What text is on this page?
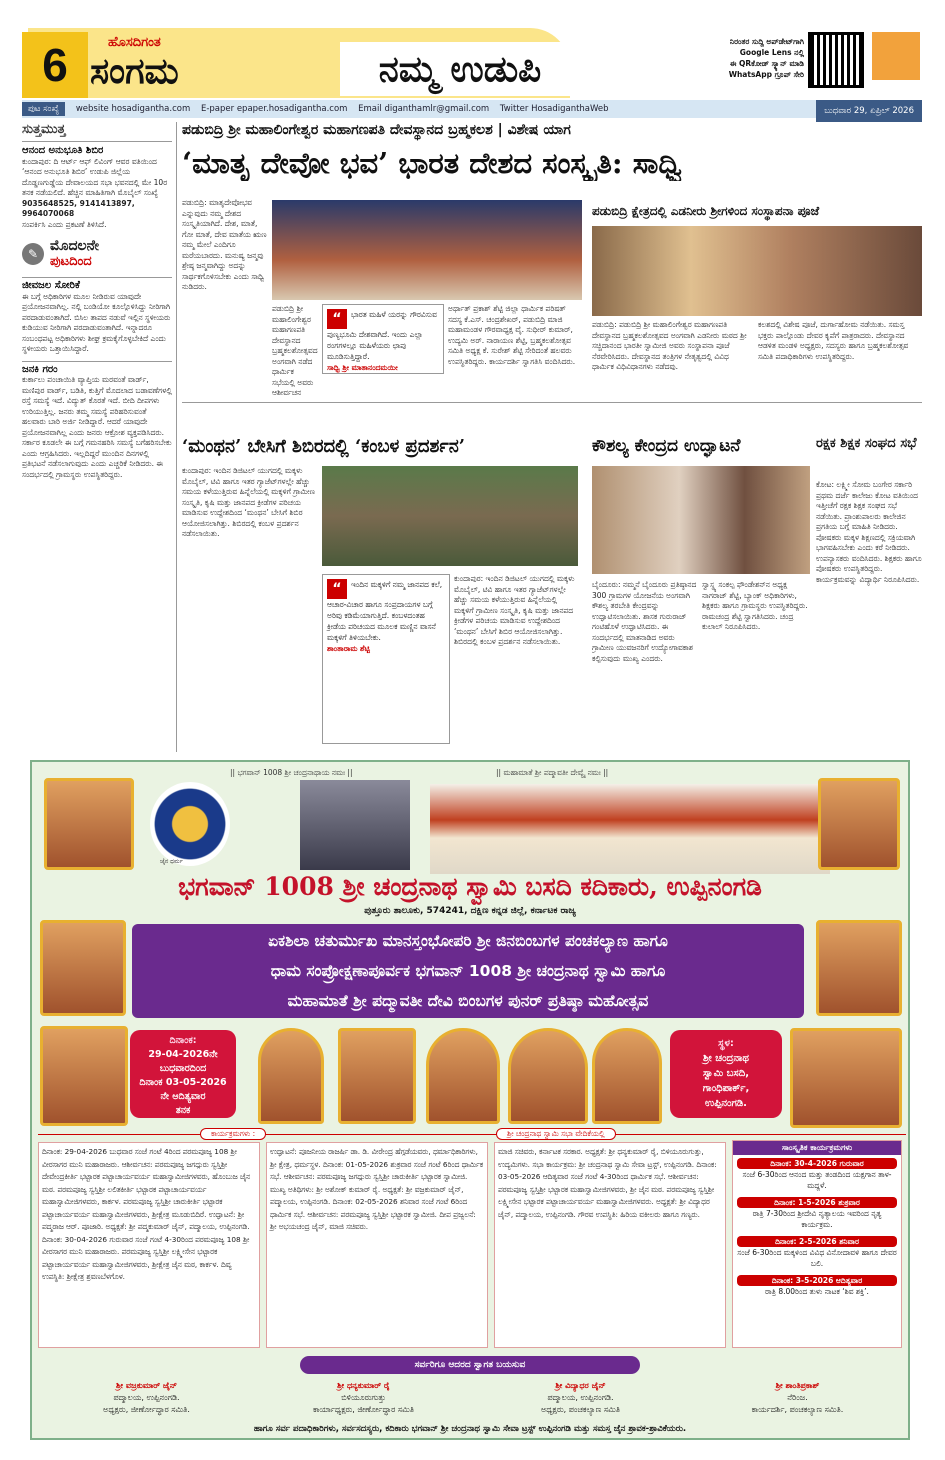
6	ಹೊಸದಿಗಂತ
ಸಂಗಮ	ನಮ್ಮ ಉಡುಪಿ
ನಿರಂತರ ಸುದ್ದಿ ಅಪ್‌ಡೇಟ್‌ಗಾಗಿ
Google Lens ನಲ್ಲಿ
ಈ QRಕೋಡ್ ಸ್ಕ್ಯಾನ್ ಮಾಡಿ
WhatsApp ಗ್ರೂಪ್ ಸೇರಿ
ಪುಟ ಸಂಖ್ಯೆ website hosadigantha.com E-paper epaper.hosadigantha.com Email diganthamlr@gmail.com Twitter HosadiganthaWeb	ಬುಧವಾರ 29, ಏಪ್ರಿಲ್ 2026
ಸುತ್ತಮುತ್ತ
ಆನಂದ ಅನುಭೂತಿ ಶಿಬಿರ
ಕುಂದಾಪುರ: ದಿ ಆರ್ಟ್ ಆಫ್ ಲಿವಿಂಗ್ ಆವರ ವತಿಯಿಂದ ‘ಆನಂದ ಅನುಭೂತಿ ಶಿಬಿರ’ ಉಡುಪಿ ಜಿಲ್ಲೆಯ ದೊಡ್ಡಣಗುಡ್ಡೆಯ ದೇವಾಲಯದ ಸಭಾ ಭವನದಲ್ಲಿ ಮೇ 10ರ ತನಕ ನಡೆಯಲಿದೆ. ಹೆಚ್ಚಿನ ಮಾಹಿತಿಗಾಗಿ ಮೊಬೈಲ್ ಸಂಖ್ಯೆ
9035648525, 9141413897, 9964070068
ಸಂಪರ್ಕಿಸಿ ಎಂದು ಪ್ರಕಟಣೆ ತಿಳಿಸಿದೆ.
✎ ಮೊದಲನೇ
ಪುಟದಿಂದ
ಜೀವಜಲ ಸೋರಿಕೆ
ಈ ಬಗ್ಗೆ ಅಧಿಕಾರಿಗಳ ಮೂಲ ನೀಡಿರುವ ಯಾವುದೇ ಪ್ರಯೋಜನವಾಗಿಲ್ಲ. ನಲ್ಲಿ ಬಂಡಿಯೋ ಕೂಲ್ಗೊಳಿಸಿದ್ದು ನೀರಿಗಾಗಿ ಪರದಾಡುವಂತಾಗಿದೆ. ಬಿಸಿಲ ತಾಪದ ನಡುವೆ ಇಲ್ಲಿನ ಸ್ಥಳೀಯರು ಕುಡಿಯುವ ನೀರಿಗಾಗಿ ಪರದಾಡುವಂತಾಗಿದೆ. ಇನ್ನಾದರೂ ಸಂಬಂಧಪಟ್ಟ ಅಧಿಕಾರಿಗಳು ಶೀಘ್ರ ಕ್ರಮಕೈಗೊಳ್ಳಬೇಕಿದೆ ಎಂದು ಸ್ಥಳೀಯರು ಒತ್ತಾಯಿಸಿದ್ದಾರೆ.
ಜನಕಿ ಗರಂ
ಕುರ್ಕಾಲು ಪಂಚಾಯಿತಿ ವ್ಯಾಪ್ತಿಯ ಮರವಂತೆ ವಾರ್ಡ್, ಮಣಿಪುರ ವಾರ್ಡ್, ಬಡಿತಿ, ಕುತ್ತಿಗೆ ಮೊದಲಾದ ಬಡಾವಣೆಗಳಲ್ಲಿ ರಸ್ತೆ ಸಮಸ್ಯೆ ಇದೆ. ವಿದ್ಯುತ್ ಕೊರತೆ ಇದೆ. ಬೀದಿ ದೀಪಗಳು ಉರಿಯುತ್ತಿಲ್ಲ. ಜನರು ತಮ್ಮ ಸಮಸ್ಯೆ ಪರಿಹರಿಸುವಂತೆ ಹಲವಾರು ಬಾರಿ ಅರ್ಜಿ ನೀಡಿದ್ದಾರೆ. ಆದರೆ ಯಾವುದೇ ಪ್ರಯೋಜನವಾಗಿಲ್ಲ ಎಂದು ಜನರು ಆಕ್ರೋಶ ವ್ಯಕ್ತಪಡಿಸಿದರು. ಸರ್ಕಾರ ಕೂಡಲೇ ಈ ಬಗ್ಗೆ ಗಮನಹರಿಸಿ ಸಮಸ್ಯೆ ಬಗೆಹರಿಸಬೇಕು ಎಂದು ಆಗ್ರಹಿಸಿದರು. ಇಲ್ಲದಿದ್ದರೆ ಮುಂದಿನ ದಿನಗಳಲ್ಲಿ ಪ್ರತಿಭಟನೆ ನಡೆಸಲಾಗುವುದು ಎಂದು ಎಚ್ಚರಿಕೆ ನೀಡಿದರು. ಈ ಸಂದರ್ಭದಲ್ಲಿ ಗ್ರಾಮಸ್ಥರು ಉಪಸ್ಥಿತರಿದ್ದರು.
ಪಡುಬಿದ್ರಿ ಶ್ರೀ ಮಹಾಲಿಂಗೇಶ್ವರ ಮಹಾಗಣಪತಿ ದೇವಸ್ಥಾನದ ಬ್ರಹ್ಮಕಲಶ | ವಿಶೇಷ ಯಾಗ
‘ಮಾತೃ ದೇವೋ ಭವ’ ಭಾರತ ದೇಶದ ಸಂಸ್ಕೃತಿ: ಸಾಧ್ವಿ
ಪಡುಬಿದ್ರಿ: ಮಾತೃದೇವೋಭವ ಎನ್ನುವುದು ನಮ್ಮ ದೇಶದ ಸಂಸ್ಕೃತಿಯಾಗಿದೆ. ದೇಶ, ಮಾತೆ, ಗೋ ಮಾತೆ, ದೇವ ಮಾತೆಯ ಋಣ ನಮ್ಮ ಮೇಲೆ ಎಂದಿಗೂ ಮರೆಯಬಾರದು. ಮನುಷ್ಯ ಜನ್ಮವು ಶ್ರೇಷ್ಠ ಜನ್ಮವಾಗಿದ್ದು ಅದನ್ನು ಸಾರ್ಥಕಗೊಳಿಸಬೇಕು ಎಂದು ಸಾಧ್ವಿ ನುಡಿದರು.
ಪಡುಬಿದ್ರಿ ಶ್ರೀ ಮಹಾಲಿಂಗೇಶ್ವರ ಮಹಾಗಣಪತಿ ದೇವಸ್ಥಾನದ ಬ್ರಹ್ಮಕಲಶೋತ್ಸವದ ಅಂಗವಾಗಿ ನಡೆದ ಧಾರ್ಮಿಕ ಸಭೆಯಲ್ಲಿ ಅವರು ಆಶೀರ್ವಚನ
“ ಭಾರತ ಮಹಿಳೆ ಯರನ್ನು ಗೌರವಿಸುವ ಪುಣ್ಯಭೂಮಿ ದೇಶವಾಗಿದೆ. ಇಂದು ಎಲ್ಲಾ ರಂಗಗಳಲ್ಲೂ ಮಹಿಳೆಯರು ಛಾಪು ಮೂಡಿಸುತ್ತಿದ್ದಾರೆ.
ಸಾಧ್ವಿ ಶ್ರೀ ಮಾತಾನಂದಮಯೀ
ಅರ್ಥಾತ್ ಪ್ರಕಾಶ್ ಶೆಟ್ಟಿ ಜಿಲ್ಲಾ ಧಾರ್ಮಿಕ ಪರಿಷತ್ ಸದಸ್ಯ ಕೆ.ಎಸ್. ಚಂದ್ರಶೇಖರ್, ಪಡುಬಿದ್ರಿ ಮಾಜಿ ಮಹಾಮಂಡಳ ಗೌರವಾಧ್ಯಕ್ಷ ವೈ. ಸುಧೀರ್ ಕುಮಾರ್, ಉದ್ಯಮಿ ಅರ್. ನಾರಾಯಣ ಶೆಟ್ಟಿ, ಬ್ರಹ್ಮಕಲಶೋತ್ಸವ ಸಮಿತಿ ಅಧ್ಯಕ್ಷ ಕೆ. ಸುರೇಶ್ ಶೆಟ್ಟಿ ಸೇರಿದಂತೆ ಹಲವರು ಉಪಸ್ಥಿತರಿದ್ದರು. ಕಾರ್ಯದರ್ಶಿ ಸ್ವಾಗತಿಸಿ ವಂದಿಸಿದರು.
ಪಡುಬಿದ್ರಿ ಕ್ಷೇತ್ರದಲ್ಲಿ ಎಡನೀರು ಶ್ರೀಗಳಿಂದ ಸಂಸ್ಥಾಪನಾ ಪೂಜೆ
ಪಡುಬಿದ್ರಿ: ಪಡುಬಿದ್ರಿ ಶ್ರೀ ಮಹಾಲಿಂಗೇಶ್ವರ ಮಹಾಗಣಪತಿ ದೇವಸ್ಥಾನದ ಬ್ರಹ್ಮಕಲಶೋತ್ಸವದ ಅಂಗವಾಗಿ ಎಡನೀರು ಮಠದ ಶ್ರೀ ಸಚ್ಚಿದಾನಂದ ಭಾರತೀ ಸ್ವಾಮೀಜಿ ಅವರು ಸಂಸ್ಥಾಪನಾ ಪೂಜೆ ನೆರವೇರಿಸಿದರು. ದೇವಸ್ಥಾನದ ತಂತ್ರಿಗಳ ನೇತೃತ್ವದಲ್ಲಿ ವಿವಿಧ ಧಾರ್ಮಿಕ ವಿಧಿವಿಧಾನಗಳು ನಡೆದವು.
ಕಲಶದಲ್ಲಿ ವಿಶೇಷ ಪೂಜೆ, ದುರ್ಗಾಹೋಮ ನಡೆಯಿತು. ಸಮಸ್ತ ಭಕ್ತರು ಪಾಲ್ಗೊಂಡು ದೇವರ ಕೃಪೆಗೆ ಪಾತ್ರರಾದರು. ದೇವಸ್ಥಾನದ ಆಡಳಿತ ಮಂಡಳಿ ಅಧ್ಯಕ್ಷರು, ಸದಸ್ಯರು ಹಾಗೂ ಬ್ರಹ್ಮಕಲಶೋತ್ಸವ ಸಮಿತಿ ಪದಾಧಿಕಾರಿಗಳು ಉಪಸ್ಥಿತರಿದ್ದರು.
‘ಮಂಥನ’ ಬೇಸಿಗೆ ಶಿಬಿರದಲ್ಲಿ ‘ಕಂಬಳ ಪ್ರದರ್ಶನ’
ಕುಂದಾಪುರ: ಇಂದಿನ ಡಿಜಿಟಲ್ ಯುಗದಲ್ಲಿ ಮಕ್ಕಳು ಮೊಬೈಲ್, ಟಿವಿ ಹಾಗೂ ಇತರ ಗ್ಯಾಜೆಟ್‌ಗಳಲ್ಲೇ ಹೆಚ್ಚು ಸಮಯ ಕಳೆಯುತ್ತಿರುವ ಹಿನ್ನೆಲೆಯಲ್ಲಿ ಮಕ್ಕಳಿಗೆ ಗ್ರಾಮೀಣ ಸಂಸ್ಕೃತಿ, ಕೃಷಿ ಮತ್ತು ಜಾನಪದ ಕ್ರೀಡೆಗಳ ಪರಿಚಯ ಮಾಡಿಸುವ ಉದ್ದೇಶದಿಂದ ‘ಮಂಥನ’ ಬೇಸಿಗೆ ಶಿಬಿರ ಆಯೋಜಿಸಲಾಗಿತ್ತು. ಶಿಬಿರದಲ್ಲಿ ಕಂಬಳ ಪ್ರದರ್ಶನ ನಡೆಸಲಾಯಿತು.
“ ಇಂದಿನ ಮಕ್ಕಳಿಗೆ ನಮ್ಮ ಜಾನಪದ ಕಲೆ, ಆಚಾರ-ವಿಚಾರ ಹಾಗೂ ಸಂಪ್ರದಾಯಗಳ ಬಗ್ಗೆ ಅರಿವು ಕಡಿಮೆಯಾಗುತ್ತಿದೆ. ಕಂಬಳದಂತಹ ಕ್ರೀಡೆಯ ಪರಿಚಯದ ಮೂಲಕ ಮಣ್ಣಿನ ವಾಸನೆ ಮಕ್ಕಳಿಗೆ ತಿಳಿಯಬೇಕು.
ಶಾಂತಾರಾಮ ಶೆಟ್ಟಿ
ಕುಂದಾಪುರ: ಇಂದಿನ ಡಿಜಿಟಲ್ ಯುಗದಲ್ಲಿ ಮಕ್ಕಳು ಮೊಬೈಲ್, ಟಿವಿ ಹಾಗೂ ಇತರ ಗ್ಯಾಜೆಟ್‌ಗಳಲ್ಲೇ ಹೆಚ್ಚು ಸಮಯ ಕಳೆಯುತ್ತಿರುವ ಹಿನ್ನೆಲೆಯಲ್ಲಿ ಮಕ್ಕಳಿಗೆ ಗ್ರಾಮೀಣ ಸಂಸ್ಕೃತಿ, ಕೃಷಿ ಮತ್ತು ಜಾನಪದ ಕ್ರೀಡೆಗಳ ಪರಿಚಯ ಮಾಡಿಸುವ ಉದ್ದೇಶದಿಂದ ‘ಮಂಥನ’ ಬೇಸಿಗೆ ಶಿಬಿರ ಆಯೋಜಿಸಲಾಗಿತ್ತು. ಶಿಬಿರದಲ್ಲಿ ಕಂಬಳ ಪ್ರದರ್ಶನ ನಡೆಸಲಾಯಿತು.
ಕೌಶಲ್ಯ ಕೇಂದ್ರದ ಉದ್ಘಾಟನೆ
ಬೈಂದೂರು: ನಮ್ಮನೆ ಬೈಂದೂರು ಪ್ರತಿಷ್ಠಾನದ 300 ಗ್ರಾಮಗಳ ಯೋಜನೆಯ ಅಂಗವಾಗಿ ಕೌಶಲ್ಯ ತರಬೇತಿ ಕೇಂದ್ರವನ್ನು ಉದ್ಘಾಟಿಸಲಾಯಿತು. ಶಾಸಕ ಗುರುರಾಜ್ ಗಂಟಿಹೊಳೆ ಉದ್ಘಾಟಿಸಿದರು. ಈ ಸಂದರ್ಭದಲ್ಲಿ ಮಾತನಾಡಿದ ಅವರು ಗ್ರಾಮೀಣ ಯುವಜನರಿಗೆ ಉದ್ಯೋಗಾವಕಾಶ ಕಲ್ಪಿಸುವುದು ಮುಖ್ಯ ಎಂದರು.
ಸ್ವಾಸ್ಥ್ಯ ಸಂಕಲ್ಪ ಫೌಂಡೇಶನ್‌ನ ಅಧ್ಯಕ್ಷ ನಾಗರಾಜ್ ಶೆಟ್ಟಿ, ಬ್ಯಾಂಕ್ ಅಧಿಕಾರಿಗಳು, ಶಿಕ್ಷಕರು ಹಾಗೂ ಗ್ರಾಮಸ್ಥರು ಉಪಸ್ಥಿತರಿದ್ದರು. ರಾಮಚಂದ್ರ ಶೆಟ್ಟಿ ಸ್ವಾಗತಿಸಿದರು. ಚಂದ್ರ ಕುಲಾಲ್ ನಿರೂಪಿಸಿದರು.
ರಕ್ಷಕ ಶಿಕ್ಷಕ ಸಂಘದ ಸಭೆ
ಕೋಟ: ಲಕ್ಷ್ಮೀ ಸೋಮ ಬಂಗೇರ ಸರ್ಕಾರಿ ಪ್ರಥಮ ದರ್ಜೆ ಕಾಲೇಜು ಕೋಟ ವತಿಯಿಂದ ಇತ್ತೀಚೆಗೆ ರಕ್ಷಕ ಶಿಕ್ಷಕ ಸಂಘದ ಸಭೆ ನಡೆಯಿತು. ಪ್ರಾಂಶುಪಾಲರು ಕಾಲೇಜಿನ ಪ್ರಗತಿಯ ಬಗ್ಗೆ ಮಾಹಿತಿ ನೀಡಿದರು. ಪೋಷಕರು ಮಕ್ಕಳ ಶಿಕ್ಷಣದಲ್ಲಿ ಸಕ್ರಿಯವಾಗಿ ಭಾಗವಹಿಸಬೇಕು ಎಂದು ಕರೆ ನೀಡಿದರು. ಉಪನ್ಯಾಸಕರು ವಂದಿಸಿದರು. ಶಿಕ್ಷಕರು ಹಾಗೂ ಪೋಷಕರು ಉಪಸ್ಥಿತರಿದ್ದರು. ಕಾರ್ಯಕ್ರಮವನ್ನು ವಿದ್ಯಾರ್ಥಿ ನಿರೂಪಿಸಿದರು.
|| ಭಗವಾನ್ 1008 ಶ್ರೀ ಚಂದ್ರನಾಥಾಯ ನಮಃ ||	|| ಮಹಾಮಾತೆ ಶ್ರೀ ಪದ್ಮಾವತೀ ದೇವ್ಯೈ ನಮಃ ||
ಜೈನ ಧರ್ಮ
ಭಗವಾನ್ 1008 ಶ್ರೀ ಚಂದ್ರನಾಥ ಸ್ವಾಮಿ ಬಸದಿ ಕದಿಕಾರು, ಉಪ್ಪಿನಂಗಡಿ
ಪುತ್ತೂರು ತಾಲೂಕು, 574241, ದಕ್ಷಿಣ ಕನ್ನಡ ಜಿಲ್ಲೆ, ಕರ್ನಾಟಕ ರಾಜ್ಯ
ಏಕಶಿಲಾ ಚತುರ್ಮುಖ ಮಾನಸ್ತಂಭೋಪರಿ ಶ್ರೀ ಜಿನಬಿಂಬಗಳ ಪಂಚಕಲ್ಯಾಣ ಹಾಗೂ
ಧಾಮ ಸಂಪ್ರೋಕ್ಷಣಾಪೂರ್ವಕ ಭಗವಾನ್ 1008 ಶ್ರೀ ಚಂದ್ರನಾಥ ಸ್ವಾಮಿ ಹಾಗೂ
ಮಹಾಮಾತೆ ಶ್ರೀ ಪದ್ಮಾವತೀ ದೇವಿ ಬಿಂಬಗಳ ಪುನರ್ ಪ್ರತಿಷ್ಠಾ ಮಹೋತ್ಸವ
ದಿನಾಂಕ:
29-04-2026ನೇ
ಬುಧವಾರದಿಂದ
ದಿನಾಂಕ 03-05-2026
ನೇ ಆದಿತ್ಯವಾರ
ತನಕ
ಸ್ಥಳ:
ಶ್ರೀ ಚಂದ್ರನಾಥ
ಸ್ವಾಮಿ ಬಸದಿ,
ಗಾಂಧಿಪಾರ್ಕ್,
ಉಪ್ಪಿನಂಗಡಿ.
ಕಾರ್ಯಕ್ರಮಗಳು :	ಶ್ರೀ ಚಂದ್ರನಾಥ ಸ್ವಾಮಿ ಸಭಾ ವೇದಿಕೆಯಲ್ಲಿ
ದಿನಾಂಕ: 29-04-2026 ಬುಧವಾರ ಸಂಜೆ ಗಂಟೆ 4ರಿಂದ ಪರಮಪೂಜ್ಯ 108 ಶ್ರೀ ವೀರಸಾಗರ ಮುನಿ ಮಹಾರಾಜರು. ಆಶೀರ್ವಚನ: ಪರಮಪೂಜ್ಯ ಜಗದ್ಗುರು ಸ್ವಸ್ತಿಶ್ರೀ ದೇವೇಂದ್ರಕೀರ್ತಿ ಭಟ್ಟಾರಕ ಪಟ್ಟಾಚಾರ್ಯವರ್ಯ ಮಹಾಸ್ವಾಮೀಜಿಗಳವರು, ಹೊಂಬುಜ ಜೈನ ಮಠ. ಪರಮಪೂಜ್ಯ ಸ್ವಸ್ತಿಶ್ರೀ ಲಲಿತಕೀರ್ತಿ ಭಟ್ಟಾರಕ ಪಟ್ಟಾಚಾರ್ಯವರ್ಯ ಮಹಾಸ್ವಾಮೀಜಿಗಳವರು, ಕಾರ್ಕಳ. ಪರಮಪೂಜ್ಯ ಸ್ವಸ್ತಿಶ್ರೀ ಚಾರುಕೀರ್ತಿ ಭಟ್ಟಾರಕ ಪಟ್ಟಾಚಾರ್ಯವರ್ಯ ಮಹಾಸ್ವಾಮೀಜಿಗಳವರು, ಶ್ರೀಕ್ಷೇತ್ರ ಮೂಡುಬಿದಿರೆ. ಉದ್ಘಾಟನೆ: ಶ್ರೀ ಪದ್ಮರಾಜ ಆರ್. ಪೂಜಾರಿ. ಅಧ್ಯಕ್ಷತೆ: ಶ್ರೀ ಪದ್ಮಕುಮಾರ್ ಜೈನ್, ಪದ್ಮಾಲಯ, ಉಪ್ಪಿನಂಗಡಿ. ದಿನಾಂಕ: 30-04-2026 ಗುರುವಾರ ಸಂಜೆ ಗಂಟೆ 4-30ರಿಂದ ಪರಮಪೂಜ್ಯ 108 ಶ್ರೀ ವೀರಸಾಗರ ಮುನಿ ಮಹಾರಾಜರು. ಪರಮಪೂಜ್ಯ ಸ್ವಸ್ತಿಶ್ರೀ ಲಕ್ಷ್ಮೀಸೇನ ಭಟ್ಟಾರಕ ಪಟ್ಟಾಚಾರ್ಯವರ್ಯ ಮಹಾಸ್ವಾಮೀಜಿಗಳವರು, ಶ್ರೀಕ್ಷೇತ್ರ ಜೈನ ಮಠ, ಕಾರ್ಕಳ. ದಿವ್ಯ ಉಪಸ್ಥಿತಿ: ಶ್ರೀಕ್ಷೇತ್ರ ಶ್ರವಣಬೆಳಗೊಳ.
ಉದ್ಘಾಟನೆ: ಪೂಜನೀಯ ರಾಜರ್ಷಿ ಡಾ. ಡಿ. ವೀರೇಂದ್ರ ಹೆಗ್ಗಡೆಯವರು, ಧರ್ಮಾಧಿಕಾರಿಗಳು, ಶ್ರೀ ಕ್ಷೇತ್ರ, ಧರ್ಮಸ್ಥಳ. ದಿನಾಂಕ: 01-05-2026 ಶುಕ್ರವಾರ ಸಂಜೆ ಗಂಟೆ 6ರಿಂದ ಧಾರ್ಮಿಕ ಸಭೆ. ಆಶೀರ್ವಚನ: ಪರಮಪೂಜ್ಯ ಜಗದ್ಗುರು ಸ್ವಸ್ತಿಶ್ರೀ ಚಾರುಕೀರ್ತಿ ಭಟ್ಟಾರಕ ಸ್ವಾಮೀಜಿ. ಮುಖ್ಯ ಅತಿಥಿಗಳು: ಶ್ರೀ ಅಶೋಕ್ ಕುಮಾರ್ ರೈ. ಅಧ್ಯಕ್ಷತೆ: ಶ್ರೀ ವಜ್ರಕುಮಾರ್ ಜೈನ್, ಪದ್ಮಾಲಯ, ಉಪ್ಪಿನಂಗಡಿ. ದಿನಾಂಕ: 02-05-2026 ಶನಿವಾರ ಸಂಜೆ ಗಂಟೆ 6ರಿಂದ ಧಾರ್ಮಿಕ ಸಭೆ. ಆಶೀರ್ವಚನ: ಪರಮಪೂಜ್ಯ ಸ್ವಸ್ತಿಶ್ರೀ ಭಟ್ಟಾರಕ ಸ್ವಾಮೀಜಿ. ದೀಪ ಪ್ರಜ್ವಲನೆ: ಶ್ರೀ ಅಭಯಚಂದ್ರ ಜೈನ್, ಮಾಜಿ ಸಚಿವರು.
ಮಾಜಿ ಸಚಿವರು, ಕರ್ನಾಟಕ ಸರಕಾರ. ಅಧ್ಯಕ್ಷತೆ: ಶ್ರೀ ಧನ್ಯಕುಮಾರ್ ರೈ, ಬಿಳಿಯೂರುಗುತ್ತು, ಉದ್ಯಮಿಗಳು. ಸಭಾ ಕಾರ್ಯಕ್ರಮ: ಶ್ರೀ ಚಂದ್ರನಾಥ ಸ್ವಾಮಿ ಸೇವಾ ಟ್ರಸ್ಟ್, ಉಪ್ಪಿನಂಗಡಿ. ದಿನಾಂಕ: 03-05-2026 ಆದಿತ್ಯವಾರ ಸಂಜೆ ಗಂಟೆ 4-30ರಿಂದ ಧಾರ್ಮಿಕ ಸಭೆ. ಆಶೀರ್ವಚನ: ಪರಮಪೂಜ್ಯ ಸ್ವಸ್ತಿಶ್ರೀ ಭಟ್ಟಾರಕ ಮಹಾಸ್ವಾಮೀಜಿಗಳವರು, ಶ್ರೀ ಜೈನ ಮಠ. ಪರಮಪೂಜ್ಯ ಸ್ವಸ್ತಿಶ್ರೀ ಲಕ್ಷ್ಮೀಸೇನ ಭಟ್ಟಾರಕ ಪಟ್ಟಾಚಾರ್ಯವರ್ಯ ಮಹಾಸ್ವಾಮೀಜಿಗಳವರು. ಅಧ್ಯಕ್ಷತೆ: ಶ್ರೀ ವಿದ್ಯಾಧರ ಜೈನ್, ಪದ್ಮಾಲಯ, ಉಪ್ಪಿನಂಗಡಿ. ಗೌರವ ಉಪಸ್ಥಿತಿ: ಹಿರಿಯ ವಕೀಲರು ಹಾಗೂ ಗಣ್ಯರು.
ಸಾಂಸ್ಕೃತಿಕ ಕಾರ್ಯಕ್ರಮಗಳು
ದಿನಾಂಕ: 30-4-2026 ಗುರುವಾರ
ಸಂಜೆ 6-30ರಿಂದ ಆನಂದ ಮತ್ತು ತಂಡದಿಂದ ಯಕ್ಷಗಾನ ತಾಳ-ಮದ್ದಳೆ.
ದಿನಾಂಕ: 1-5-2026 ಶುಕ್ರವಾರ
ರಾತ್ರಿ 7-30ರಿಂದ ಶ್ರೀದೇವಿ ನೃತ್ಯಾಲಯ ಇವರಿಂದ ನೃತ್ಯ ಕಾರ್ಯಕ್ರಮ.
ದಿನಾಂಕ: 2-5-2026 ಶನಿವಾರ
ಸಂಜೆ 6-30ರಿಂದ ಮಕ್ಕಳಿಂದ ವಿವಿಧ ವಿನೋದಾವಳಿ ಹಾಗೂ ದೇವರ ಬಲಿ.
ದಿನಾಂಕ: 3-5-2026 ಆದಿತ್ಯವಾರ
ರಾತ್ರಿ 8.00ರಿಂದ ತುಳು ನಾಟಕ ‘ಶಿವ ಶಕ್ತಿ’.
ಸರ್ವರಿಗೂ ಆದರದ ಸ್ವಾಗತ ಬಯಸುವ
ಶ್ರೀ ವಜ್ರಕುಮಾರ್ ಜೈನ್
ಪದ್ಮಾಲಯ, ಉಪ್ಪಿನಂಗಡಿ.
ಅಧ್ಯಕ್ಷರು, ಜೀರ್ಣೋದ್ಧಾರ ಸಮಿತಿ.
ಶ್ರೀ ಧನ್ಯಕುಮಾರ್ ರೈ
ಬಿಳಿಯೂರುಗುತ್ತು
ಕಾರ್ಯಾಧ್ಯಕ್ಷರು, ಜೀರ್ಣೋದ್ಧಾರ ಸಮಿತಿ
ಶ್ರೀ ವಿದ್ಯಾಧರ ಜೈನ್
ಪದ್ಮಾಲಯ, ಉಪ್ಪಿನಂಗಡಿ.
ಅಧ್ಯಕ್ಷರು, ಪಂಚಕಲ್ಯಾಣ ಸಮಿತಿ
ಶ್ರೀ ಶಾಂತಿಪ್ರಕಾಶ್
ನೆರಿಂಜ.
ಕಾರ್ಯದರ್ಶಿ, ಪಂಚಕಲ್ಯಾಣ ಸಮಿತಿ.
ಹಾಗೂ ಸರ್ವ ಪದಾಧಿಕಾರಿಗಳು, ಸರ್ವಸದಸ್ಯರು, ಕದಿಕಾರು ಭಗವಾನ್ ಶ್ರೀ ಚಂದ್ರನಾಥ ಸ್ವಾಮಿ ಸೇವಾ ಟ್ರಸ್ಟ್ ಉಪ್ಪಿನಂಗಡಿ ಮತ್ತು ಸಮಸ್ತ ಜೈನ ಶ್ರಾವಕ-ಶ್ರಾವಿಕೆಯರು.
